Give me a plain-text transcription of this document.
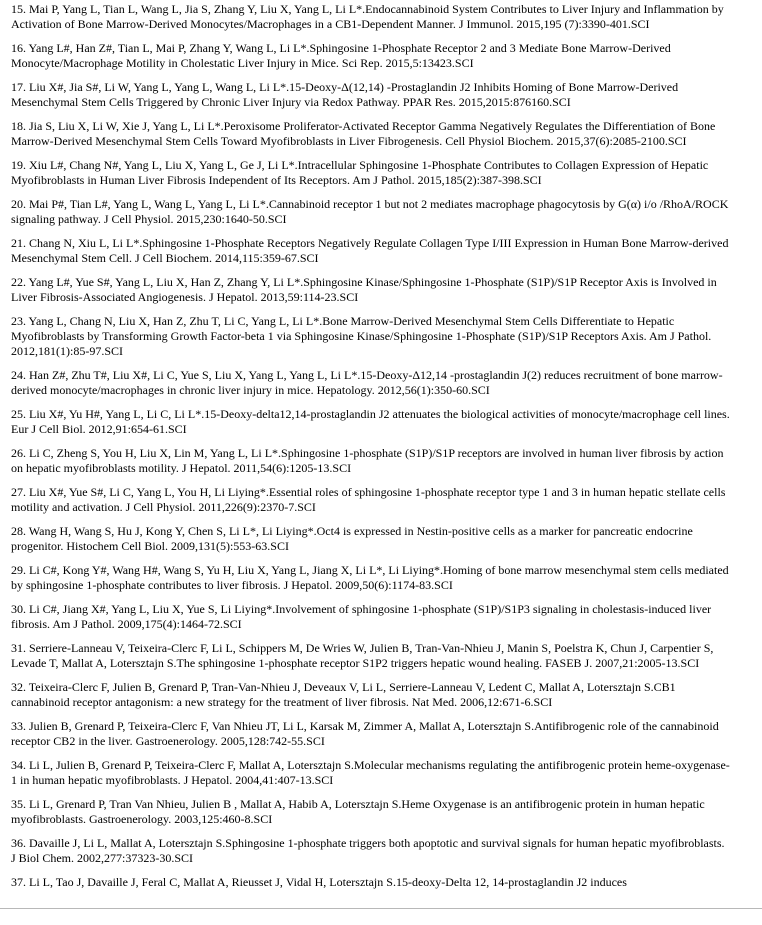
15. Mai P, Yang L, Tian L, Wang L, Jia S, Zhang Y, Liu X, Yang L, Li L*.Endocannabinoid System Contributes to Liver Injury and Inflammation by Activation of Bone Marrow-Derived Monocytes/Macrophages in a CB1-Dependent Manner. J Immunol. 2015,195 (7):3390-401.SCI

16. Yang L#, Han Z#, Tian L, Mai P, Zhang Y, Wang L, Li L*.Sphingosine 1-Phosphate Receptor 2 and 3 Mediate Bone Marrow-Derived Monocyte/Macrophage Motility in Cholestatic Liver Injury in Mice. Sci Rep. 2015,5:13423.SCI

17. Liu X#, Jia S#, Li W, Yang L, Yang L, Wang L, Li L*.15-Deoxy-Δ(12,14) -Prostaglandin J2 Inhibits Homing of Bone Marrow-Derived Mesenchymal Stem Cells Triggered by Chronic Liver Injury via Redox Pathway. PPAR Res. 2015,2015:876160.SCI

18. Jia S, Liu X, Li W, Xie J, Yang L, Li L*.Peroxisome Proliferator-Activated Receptor Gamma Negatively Regulates the Differentiation of Bone Marrow-Derived Mesenchymal Stem Cells Toward Myofibroblasts in Liver Fibrogenesis. Cell Physiol Biochem. 2015,37(6):2085-2100.SCI

19. Xiu L#, Chang N#, Yang L, Liu X, Yang L, Ge J, Li L*.Intracellular Sphingosine 1-Phosphate Contributes to Collagen Expression of Hepatic Myofibroblasts in Human Liver Fibrosis Independent of Its Receptors. Am J Pathol. 2015,185(2):387-398.SCI

20. Mai P#, Tian L#, Yang L, Wang L, Yang L, Li L*.Cannabinoid receptor 1 but not 2 mediates macrophage phagocytosis by G(α) i/o /RhoA/ROCK signaling pathway. J Cell Physiol. 2015,230:1640-50.SCI

21. Chang N, Xiu L, Li L*.Sphingosine 1-Phosphate Receptors Negatively Regulate Collagen Type I/III Expression in Human Bone Marrow-derived Mesenchymal Stem Cell. J Cell Biochem. 2014,115:359-67.SCI

22. Yang L#, Yue S#, Yang L, Liu X, Han Z, Zhang Y, Li L*.Sphingosine Kinase/Sphingosine 1-Phosphate (S1P)/S1P Receptor Axis is Involved in Liver Fibrosis-Associated Angiogenesis. J Hepatol. 2013,59:114-23.SCI

23. Yang L, Chang N, Liu X, Han Z, Zhu T, Li C, Yang L, Li L*.Bone Marrow-Derived Mesenchymal Stem Cells Differentiate to Hepatic Myofibroblasts by Transforming Growth Factor-beta 1 via Sphingosine Kinase/Sphingosine 1-Phosphate (S1P)/S1P Receptors Axis. Am J Pathol. 2012,181(1):85-97.SCI

24. Han Z#, Zhu T#, Liu X#, Li C, Yue S, Liu X, Yang L, Yang L, Li L*.15-Deoxy-Δ12,14 -prostaglandin J(2) reduces recruitment of bone marrow-derived monocyte/macrophages in chronic liver injury in mice. Hepatology. 2012,56(1):350-60.SCI

25. Liu X#, Yu H#, Yang L, Li C, Li L*.15-Deoxy-delta12,14-prostaglandin J2 attenuates the biological activities of monocyte/macrophage cell lines. Eur J Cell Biol. 2012,91:654-61.SCI

26. Li C, Zheng S, You H, Liu X, Lin M, Yang L, Li L*.Sphingosine 1-phosphate (S1P)/S1P receptors are involved in human liver fibrosis by action on hepatic myofibroblasts motility. J Hepatol. 2011,54(6):1205-13.SCI

27. Liu X#, Yue S#, Li C, Yang L, You H, Li Liying*.Essential roles of sphingosine 1-phosphate receptor type 1 and 3 in human hepatic stellate cells motility and activation. J Cell Physiol. 2011,226(9):2370-7.SCI

28. Wang H, Wang S, Hu J, Kong Y, Chen S, Li L*, Li Liying*.Oct4 is expressed in Nestin-positive cells as a marker for pancreatic endocrine progenitor. Histochem Cell Biol. 2009,131(5):553-63.SCI

29. Li C#, Kong Y#, Wang H#, Wang S, Yu H, Liu X, Yang L, Jiang X, Li L*, Li Liying*.Homing of bone marrow mesenchymal stem cells mediated by sphingosine 1-phosphate contributes to liver fibrosis. J Hepatol. 2009,50(6):1174-83.SCI

30. Li C#, Jiang X#, Yang L, Liu X, Yue S, Li Liying*.Involvement of sphingosine 1-phosphate (S1P)/S1P3 signaling in cholestasis-induced liver fibrosis. Am J Pathol. 2009,175(4):1464-72.SCI

31. Serriere-Lanneau V, Teixeira-Clerc F, Li L, Schippers M, De Wries W, Julien B, Tran-Van-Nhieu J, Manin S, Poelstra K, Chun J, Carpentier S, Levade T, Mallat A, Lotersztajn S.The sphingosine 1-phosphate receptor S1P2 triggers hepatic wound healing. FASEB J. 2007,21:2005-13.SCI

32. Teixeira-Clerc F, Julien B, Grenard P, Tran-Van-Nhieu J, Deveaux V, Li L, Serriere-Lanneau V, Ledent C, Mallat A, Lotersztajn S.CB1 cannabinoid receptor antagonism: a new strategy for the treatment of liver fibrosis. Nat Med. 2006,12:671-6.SCI

33. Julien B, Grenard P, Teixeira-Clerc F, Van Nhieu JT, Li L, Karsak M, Zimmer A, Mallat A, Lotersztajn S.Antifibrogenic role of the cannabinoid receptor CB2 in the liver. Gastroenerology. 2005,128:742-55.SCI

34. Li L, Julien B, Grenard P, Teixeira-Clerc F, Mallat A, Lotersztajn S.Molecular mechanisms regulating the antifibrogenic protein heme-oxygenase-1 in human hepatic myofibroblasts. J Hepatol. 2004,41:407-13.SCI

35. Li L, Grenard P, Tran Van Nhieu, Julien B , Mallat A, Habib A, Lotersztajn S.Heme Oxygenase is an antifibrogenic protein in human hepatic myofibroblasts. Gastroenerology. 2003,125:460-8.SCI

36. Davaille J, Li L, Mallat A, Lotersztajn S.Sphingosine 1-phosphate triggers both apoptotic and survival signals for human hepatic myofibroblasts. J Biol Chem. 2002,277:37323-30.SCI

37. Li L, Tao J, Davaille J, Feral C, Mallat A, Rieusset J, Vidal H, Lotersztajn S.15-deoxy-Delta 12, 14-prostaglandin J2 induces
